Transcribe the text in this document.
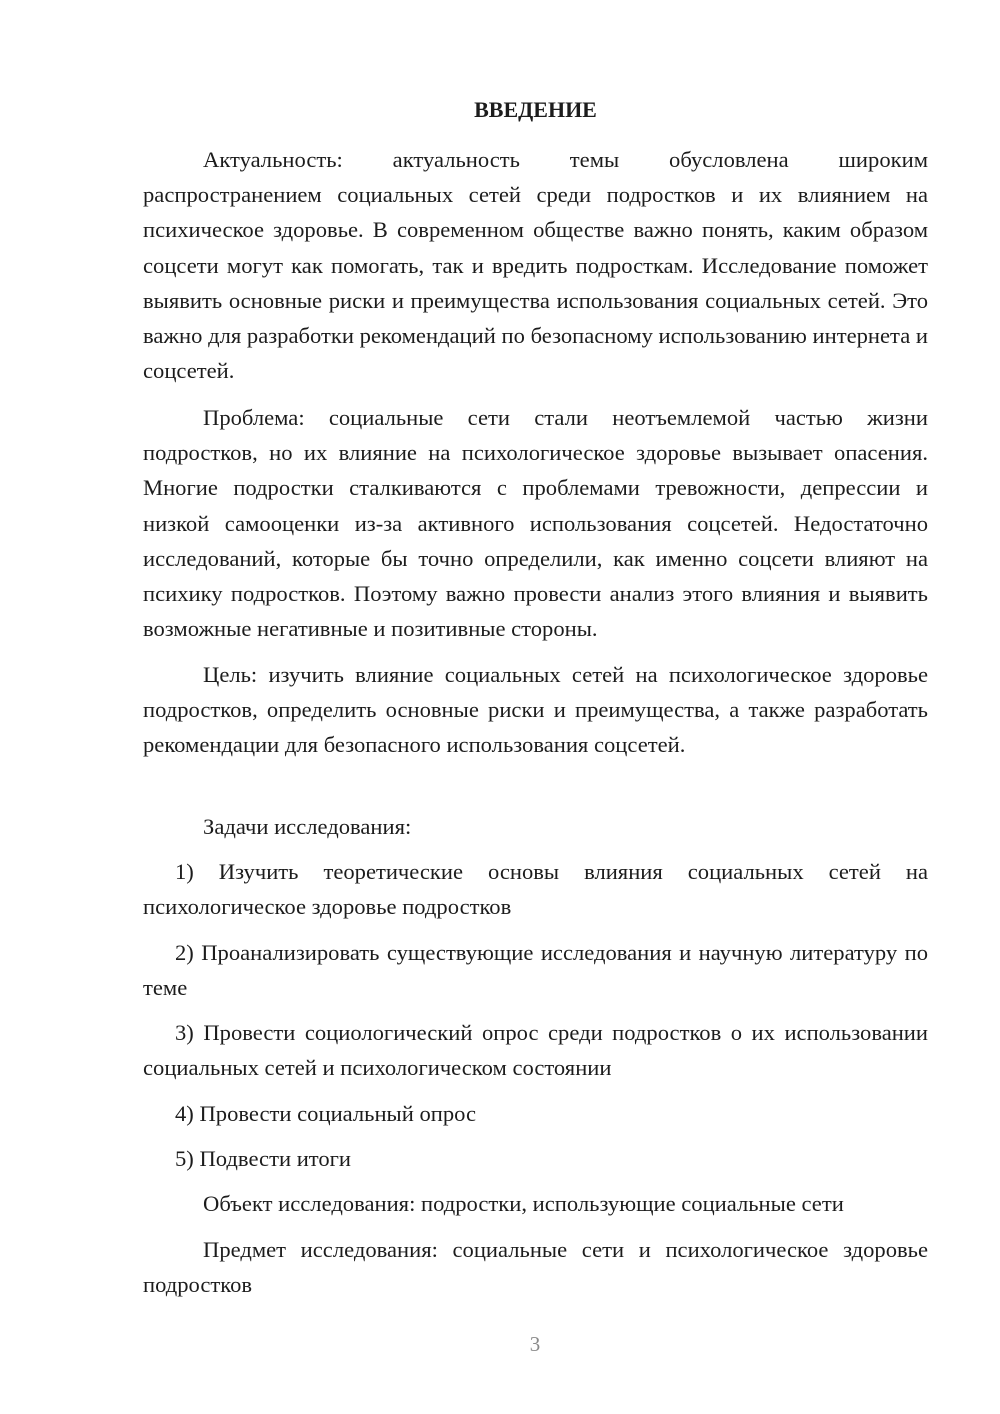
ВВЕДЕНИЕ

Актуальность: актуальность темы обусловлена широким распространением социальных сетей среди подростков и их влиянием на психическое здоровье. В современном обществе важно понять, каким образом соцсети могут как помогать, так и вредить подросткам. Исследование поможет выявить основные риски и преимущества использования социальных сетей. Это важно для разработки рекомендаций по безопасному использованию интернета и соцсетей.

Проблема: социальные сети стали неотъемлемой частью жизни подростков, но их влияние на психологическое здоровье вызывает опасения. Многие подростки сталкиваются с проблемами тревожности, депрессии и низкой самооценки из-за активного использования соцсетей. Недостаточно исследований, которые бы точно определили, как именно соцсети влияют на психику подростков. Поэтому важно провести анализ этого влияния и выявить возможные негативные и позитивные стороны.

Цель: изучить влияние социальных сетей на психологическое здоровье подростков, определить основные риски и преимущества, а также разработать рекомендации для безопасного использования соцсетей.

Задачи исследования:

1) Изучить теоретические основы влияния социальных сетей на психологическое здоровье подростков

2) Проанализировать существующие исследования и научную литературу по теме

3) Провести социологический опрос среди подростков о их использовании социальных сетей и психологическом состоянии

4) Провести социальный опрос

5) Подвести итоги

Объект исследования: подростки, использующие социальные сети

Предмет исследования: социальные сети и психологическое здоровье подростков

3
